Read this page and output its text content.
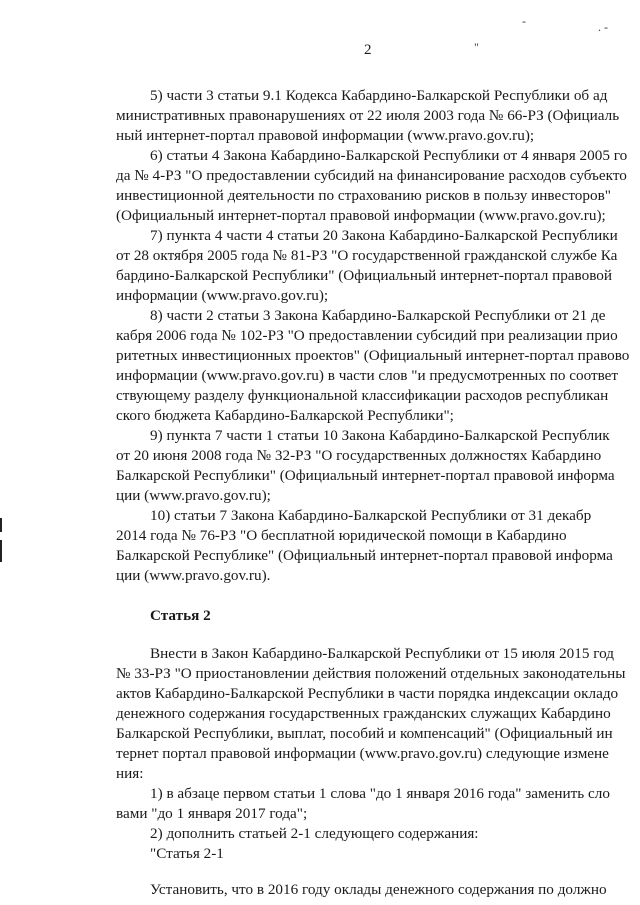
-
"
. -
2
5) части 3 статьи 9.1 Кодекса Кабардино-Балкарской Республики об ад
министративных правонарушениях от 22 июля 2003 года № 66-РЗ (Официаль
ный интернет-портал правовой информации (www.pravo.gov.ru);
6) статьи 4 Закона Кабардино-Балкарской Республики от 4 января 2005 го
да № 4-РЗ "О предоставлении субсидий на финансирование расходов субъекто
инвестиционной деятельности по страхованию рисков в пользу инвесторов"
(Официальный интернет-портал правовой информации (www.pravo.gov.ru);
7) пункта 4 части 4 статьи 20 Закона Кабардино-Балкарской Республики
от 28 октября 2005 года № 81-РЗ "О государственной гражданской службе Ка
бардино-Балкарской Республики" (Официальный интернет-портал правовой
информации (www.pravo.gov.ru);
8) части 2 статьи 3 Закона Кабардино-Балкарской Республики от 21 де
кабря 2006 года № 102-РЗ "О предоставлении субсидий при реализации прио
ритетных инвестиционных проектов" (Официальный интернет-портал правово
информации (www.pravo.gov.ru) в части слов "и предусмотренных по соответ
ствующему разделу функциональной классификации расходов республикан
ского бюджета Кабардино-Балкарской Республики";
9) пункта 7 части 1 статьи 10 Закона Кабардино-Балкарской Республик
от 20 июня 2008 года № 32-РЗ "О государственных должностях Кабардино
Балкарской Республики" (Официальный интернет-портал правовой информа
ции (www.pravo.gov.ru);
10) статьи 7 Закона Кабардино-Балкарской Республики от 31 декабр
2014 года № 76-РЗ "О бесплатной юридической помощи в Кабардино
Балкарской Республике" (Официальный интернет-портал правовой информа
ции (www.pravo.gov.ru).
Статья 2
Внести в Закон Кабардино-Балкарской Республики от 15 июля 2015 год
№ 33-РЗ "О приостановлении действия положений отдельных законодательны
актов Кабардино-Балкарской Республики в части порядка индексации окладо
денежного содержания государственных гражданских служащих Кабардино
Балкарской Республики, выплат, пособий и компенсаций" (Официальный ин
тернет портал правовой информации (www.pravo.gov.ru) следующие измене
ния:
1) в абзаце первом статьи 1 слова "до 1 января 2016 года" заменить сло
вами "до 1 января 2017 года";
2) дополнить статьей 2-1 следующего содержания:
"Статья 2-1
Установить, что в 2016 году оклады денежного содержания по должно
